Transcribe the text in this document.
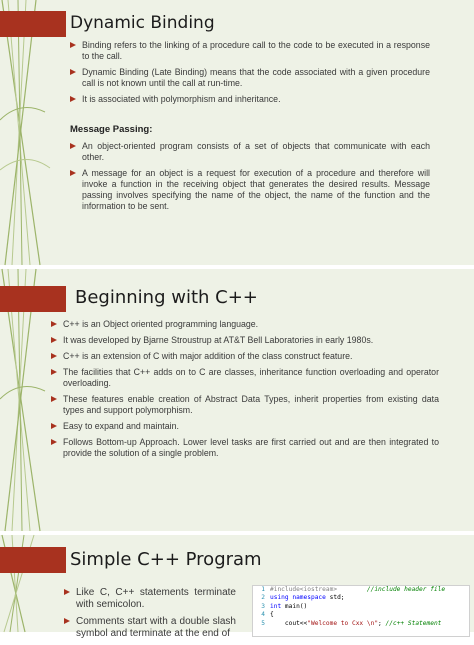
Dynamic Binding
Binding refers to the linking of a procedure call to the code to be executed in a response to the call.
Dynamic Binding (Late Binding) means that the code associated with a given procedure call is not known until the call at run-time.
It is associated with polymorphism and inheritance.
Message Passing:
An object-oriented program consists of a set of objects that communicate with each other.
A message for an object is a request for execution of a procedure and therefore will invoke a function in the receiving object that generates the desired results. Message passing involves specifying the name of the object, the name of the function and the information to be sent.
Beginning with C++
C++ is an Object oriented programming language.
It was developed by Bjarne Stroustrup at AT&T Bell Laboratories in early 1980s.
C++ is an extension of C with major addition of the class construct feature.
The facilities that C++ adds on to C are classes, inheritance function overloading and operator overloading.
These features enable creation of Abstract Data Types, inherit properties from existing data types and support polymorphism.
Easy to expand and maintain.
Follows Bottom-up Approach. Lower level tasks are first carried out and are then integrated to provide the solution of a single problem.
Simple C++ Program
Like C, C++ statements terminate with semicolon.
Comments start with a double slash symbol and terminate at the end of
1 #include<iostream>	//include header file
2 using namespace std;
3 int main()
4 {
5    cout<<"Welcome to Cxx \n"; //c++ Statement
